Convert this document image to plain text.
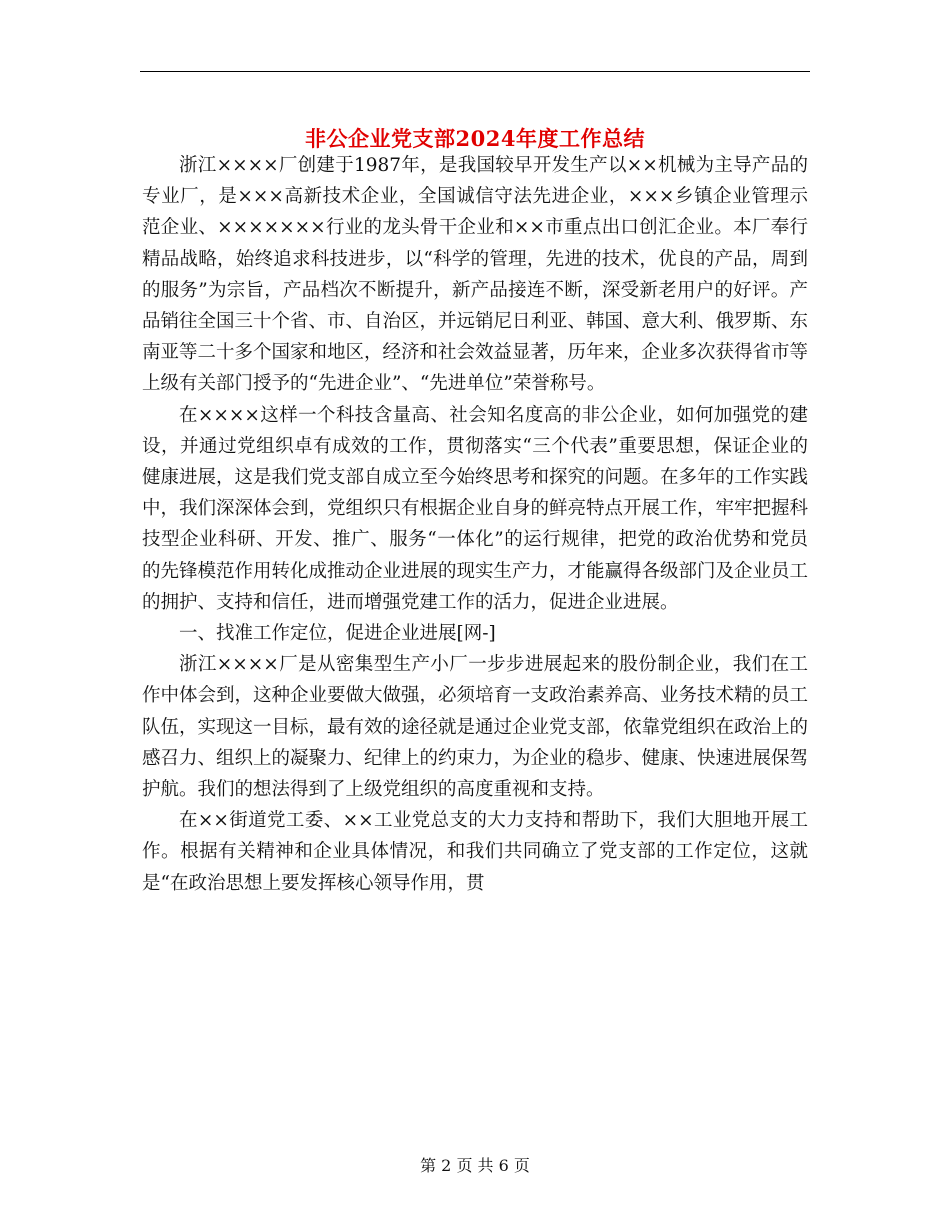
非公企业党支部2024年度工作总结

浙江××××厂创建于1987年，是我国较早开发生产以××机械为主导产品的专业厂，是×××高新技术企业，全国诚信守法先进企业，×××乡镇企业管理示范企业、×××××××行业的龙头骨干企业和××市重点出口创汇企业。本厂奉行精品战略，始终追求科技进步，以“科学的管理，先进的技术，优良的产品，周到的服务”为宗旨，产品档次不断提升，新产品接连不断，深受新老用户的好评。产品销往全国三十个省、市、自治区，并远销尼日利亚、韩国、意大利、俄罗斯、东南亚等二十多个国家和地区，经济和社会效益显著，历年来，企业多次获得省市等上级有关部门授予的“先进企业”、“先进单位”荣誉称号。

在××××这样一个科技含量高、社会知名度高的非公企业，如何加强党的建设，并通过党组织卓有成效的工作，贯彻落实“三个代表”重要思想，保证企业的健康进展，这是我们党支部自成立至今始终思考和探究的问题。在多年的工作实践中，我们深深体会到，党组织只有根据企业自身的鲜亮特点开展工作，牢牢把握科技型企业科研、开发、推广、服务“一体化”的运行规律，把党的政治优势和党员的先锋模范作用转化成推动企业进展的现实生产力，才能赢得各级部门及企业员工的拥护、支持和信任，进而增强党建工作的活力，促进企业进展。

一、找准工作定位，促进企业进展[网-]

浙江××××厂是从密集型生产小厂一步步进展起来的股份制企业，我们在工作中体会到，这种企业要做大做强，必须培育一支政治素养高、业务技术精的员工队伍，实现这一目标，最有效的途径就是通过企业党支部，依靠党组织在政治上的感召力、组织上的凝聚力、纪律上的约束力，为企业的稳步、健康、快速进展保驾护航。我们的想法得到了上级党组织的高度重视和支持。

在××街道党工委、××工业党总支的大力支持和帮助下，我们大胆地开展工作。根据有关精神和企业具体情况，和我们共同确立了党支部的工作定位，这就是“在政治思想上要发挥核心领导作用，贯

第 2 页 共 6 页
